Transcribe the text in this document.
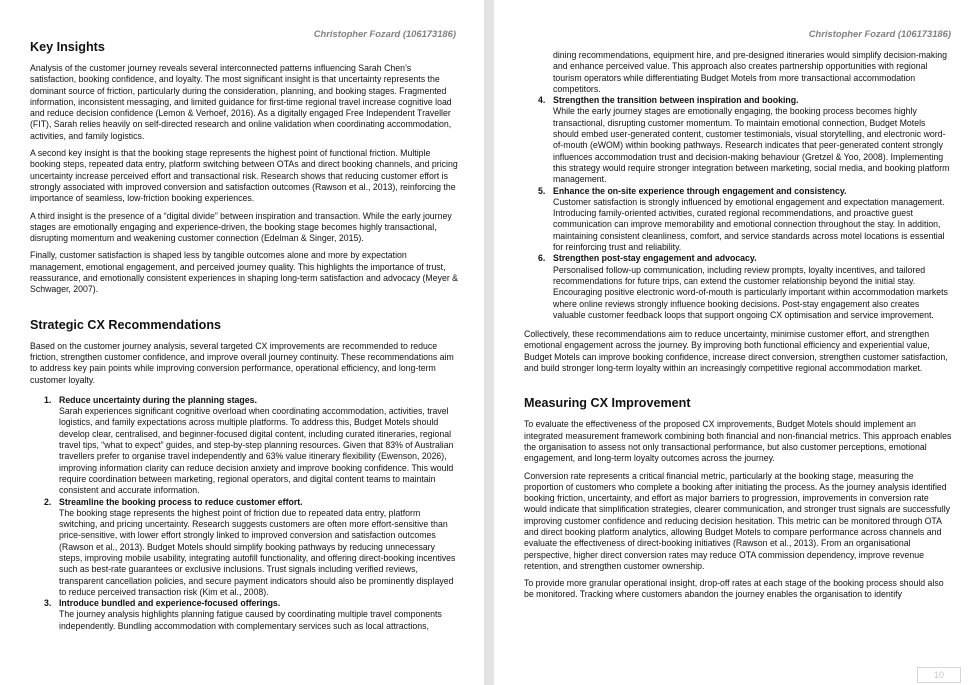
Christopher Fozard (106173186)
Key Insights

Analysis of the customer journey reveals several interconnected patterns influencing Sarah Chen’s satisfaction, booking confidence, and loyalty. The most significant insight is that uncertainty represents the dominant source of friction, particularly during the consideration, planning, and booking stages. Fragmented information, inconsistent messaging, and limited guidance for first-time regional travel increase cognitive load and reduce decision confidence (Lemon & Verhoef, 2016). As a digitally engaged Free Independent Traveller (FIT), Sarah relies heavily on self-directed research and online validation when coordinating accommodation, activities, and family logistics.

A second key insight is that the booking stage represents the highest point of functional friction. Multiple booking steps, repeated data entry, platform switching between OTAs and direct booking channels, and pricing uncertainty increase perceived effort and transactional risk. Research shows that reducing customer effort is strongly associated with improved conversion and satisfaction outcomes (Rawson et al., 2013), reinforcing the importance of seamless, low-friction booking experiences.

A third insight is the presence of a “digital divide” between inspiration and transaction. While the early journey stages are emotionally engaging and experience-driven, the booking stage becomes highly transactional, disrupting momentum and weakening customer connection (Edelman & Singer, 2015).

Finally, customer satisfaction is shaped less by tangible outcomes alone and more by expectation management, emotional engagement, and perceived journey quality. This highlights the importance of trust, reassurance, and emotionally consistent experiences in shaping long-term satisfaction and advocacy (Meyer & Schwager, 2007).

Strategic CX Recommendations

Based on the customer journey analysis, several targeted CX improvements are recommended to reduce friction, strengthen customer confidence, and improve overall journey continuity. These recommendations aim to address key pain points while improving conversion performance, operational efficiency, and long-term customer loyalty.

1. Reduce uncertainty during the planning stages.
Sarah experiences significant cognitive overload when coordinating accommodation, activities, travel logistics, and family expectations across multiple platforms. To address this, Budget Motels should develop clear, centralised, and beginner-focused digital content, including curated itineraries, regional travel tips, “what to expect” guides, and step-by-step planning resources. Given that 83% of Australian travellers prefer to organise travel independently and 63% value itinerary flexibility (Ewenson, 2026), improving information clarity can reduce decision anxiety and improve booking confidence. This would require coordination between marketing, regional operators, and digital content teams to maintain consistent and accurate information.
2. Streamline the booking process to reduce customer effort.
The booking stage represents the highest point of friction due to repeated data entry, platform switching, and pricing uncertainty. Research suggests customers are often more effort-sensitive than price-sensitive, with lower effort strongly linked to improved conversion and satisfaction outcomes (Rawson et al., 2013). Budget Motels should simplify booking pathways by reducing unnecessary steps, improving mobile usability, integrating autofill functionality, and offering direct-booking incentives such as best-rate guarantees or exclusive inclusions. Trust signals including verified reviews, transparent cancellation policies, and secure payment indicators should also be prominently displayed to reduce perceived transaction risk (Kim et al., 2008).
3. Introduce bundled and experience-focused offerings.
The journey analysis highlights planning fatigue caused by coordinating multiple travel components independently. Bundling accommodation with complementary services such as local attractions,
Christopher Fozard (106173186)

dining recommendations, equipment hire, and pre-designed itineraries would simplify decision-making and enhance perceived value. This approach also creates partnership opportunities with regional tourism operators while differentiating Budget Motels from more transactional accommodation competitors.

4. Strengthen the transition between inspiration and booking.
While the early journey stages are emotionally engaging, the booking process becomes highly transactional, disrupting customer momentum. To maintain emotional connection, Budget Motels should embed user-generated content, customer testimonials, visual storytelling, and electronic word-of-mouth (eWOM) within booking pathways. Research indicates that peer-generated content strongly influences accommodation trust and decision-making behaviour (Gretzel & Yoo, 2008). Implementing this strategy would require stronger integration between marketing, social media, and booking platform management.
5. Enhance the on-site experience through engagement and consistency.
Customer satisfaction is strongly influenced by emotional engagement and expectation management. Introducing family-oriented activities, curated regional recommendations, and proactive guest communication can improve memorability and emotional connection throughout the stay. In addition, maintaining consistent cleanliness, comfort, and service standards across motel locations is essential for reinforcing trust and reliability.
6. Strengthen post-stay engagement and advocacy.
Personalised follow-up communication, including review prompts, loyalty incentives, and tailored recommendations for future trips, can extend the customer relationship beyond the initial stay. Encouraging positive electronic word-of-mouth is particularly important within accommodation markets where online reviews strongly influence booking decisions. Post-stay engagement also creates valuable customer feedback loops that support ongoing CX optimisation and service improvement.

Collectively, these recommendations aim to reduce uncertainty, minimise customer effort, and strengthen emotional engagement across the journey. By improving both functional efficiency and experiential value, Budget Motels can improve booking confidence, increase direct conversion, strengthen customer satisfaction, and build stronger long-term loyalty within an increasingly competitive regional accommodation market.

Measuring CX Improvement

To evaluate the effectiveness of the proposed CX improvements, Budget Motels should implement an integrated measurement framework combining both financial and non-financial metrics. This approach enables the organisation to assess not only transactional performance, but also customer perceptions, emotional engagement, and long-term loyalty outcomes across the journey.

Conversion rate represents a critical financial metric, particularly at the booking stage, measuring the proportion of customers who complete a booking after initiating the process. As the journey analysis identified booking friction, uncertainty, and effort as major barriers to progression, improvements in conversion rate would indicate that simplification strategies, clearer communication, and stronger trust signals are successfully improving customer confidence and reducing decision hesitation. This metric can be monitored through OTA and direct booking platform analytics, allowing Budget Motels to compare performance across channels and evaluate the effectiveness of direct-booking initiatives (Rawson et al., 2013). From an organisational perspective, higher direct conversion rates may reduce OTA commission dependency, improve revenue retention, and strengthen customer ownership.

To provide more granular operational insight, drop-off rates at each stage of the booking process should also be monitored. Tracking where customers abandon the journey enables the organisation to identify

10
